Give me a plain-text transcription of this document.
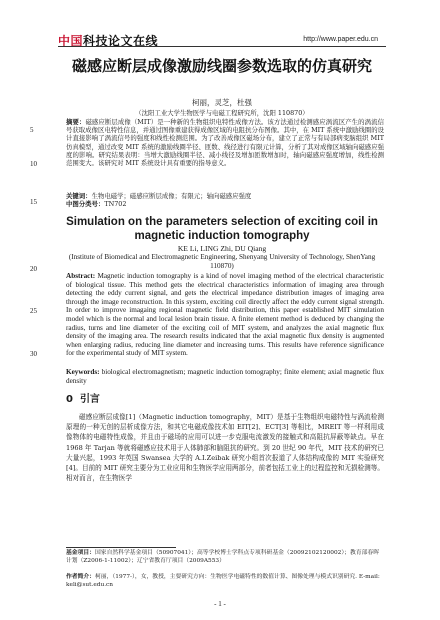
中国科技论文在线	http://www.paper.edu.cn
磁感应断层成像激励线圈参数选取的仿真研究
柯丽，灵芝，杜强
（沈阳工业大学生物医学与电磁工程研究所，沈阳 110870）
摘要：磁感应断层成像（MIT）是一种新的生物组织电特性成像方法。该方法通过检测感应涡流区产生的涡流信号获取成像区电特性信息，并通过图像重建获得成像区域的电阻抗分布图像。其中，在 MIT 系统中激励线圈的设计直接影响了涡流信号的强度和线性检测范围。为了改善成像区磁场分布，建立了正常与有局部病变脑组织 MIT 仿真模型，通过改变 MIT 系统的激励线圈半径、匝数、线径进行有限元计算，分析了其对成像区域轴向磁感应强度的影响。研究结果表明：当增大激励线圈半径、减小线径及增加匝数增加时，轴向磁感应强度增加，线性检测范围变大。该研究对 MIT 系统设计具有重要的指导意义。
关键词：生物电磁学；磁感应断层成像；有限元；轴向磁感应强度
中图分类号：TN702
Simulation on the parameters selection of exciting coil in magnetic induction tomography
KE Li, LING Zhi, DU Qiang
(Institute of Biomedical and Electromagnetic Engineering, Shenyang University of Technology, ShenYang 110870)
Abstract: Magnetic induction tomography is a kind of novel imaging method of the electrical characteristic of biological tissue. This method gets the electrical characteristics information of imaging area through detecting the eddy current signal, and gets the electrical impedance distribution images of imaging area through the image reconstruction. In this system, exciting coil directly affect the eddy current signal strength. In order to improve imagaing regional magnetic field distribution, this paper established MIT simulation model which is the normal and local lesion brain tissue. A finite element method is deduced by changing the radius, turns and line diameter of the exciting coil of MIT system, and analyzes the axial magnetic flux density of the imaging area. The research results indicated that the axial magnetic flux density is augmented when enlarging radius, reducing line diameter and increasing turns. This results have reference significance for the experimental study of MIT system.
Keywords: biological electromagnetism; magnetic induction tomography; finite element; axial magnetic flux density
0 引言
磁感应断层成像[1]（Magnetic induction tomography，MIT）是基于生物组织电磁特性与涡流检测原理的一种无创的层析成像方法，和其它电磁成像技术如 EIT[2]、ECT[3] 等相比，MREIT 等一样利用成像物体的电磁特性成像，并且由于磁场的应用可以进一步克服电流激发的接触式和高阻抗屏蔽等缺点。早在 1968 年 Tarjan 等就将磁感应技术用于人体肺部和脑阻抗的研究。到 20 世纪 90 年代，MIT 技术的研究已大量兴起，1993 年英国 Swansea 大学的 A.I.Zeibak 研究小组首次报道了人体结构成像的 MIT 实验研究[4]。目前的 MIT 研究主要分为工业应用和生物医学应用两部分，前者包括工业上的过程监控和无损检测等。相对而言，在生物医学
5
10
15
20
25
30
基金项目：国家自然科学基金项目（50907041）；高等学校博士学科点专项科研基金（20092102120002）；教育部春晖计划（Z2006-1-11002）；辽宁省教育厅项目（2009A553）
作者简介：柯丽，（1977-），女，教授，主要研究方向：生物医学电磁特性的数值计算、图像处理与模式识别研究. E-mail: keli@sut.edu.cn
- 1 -
